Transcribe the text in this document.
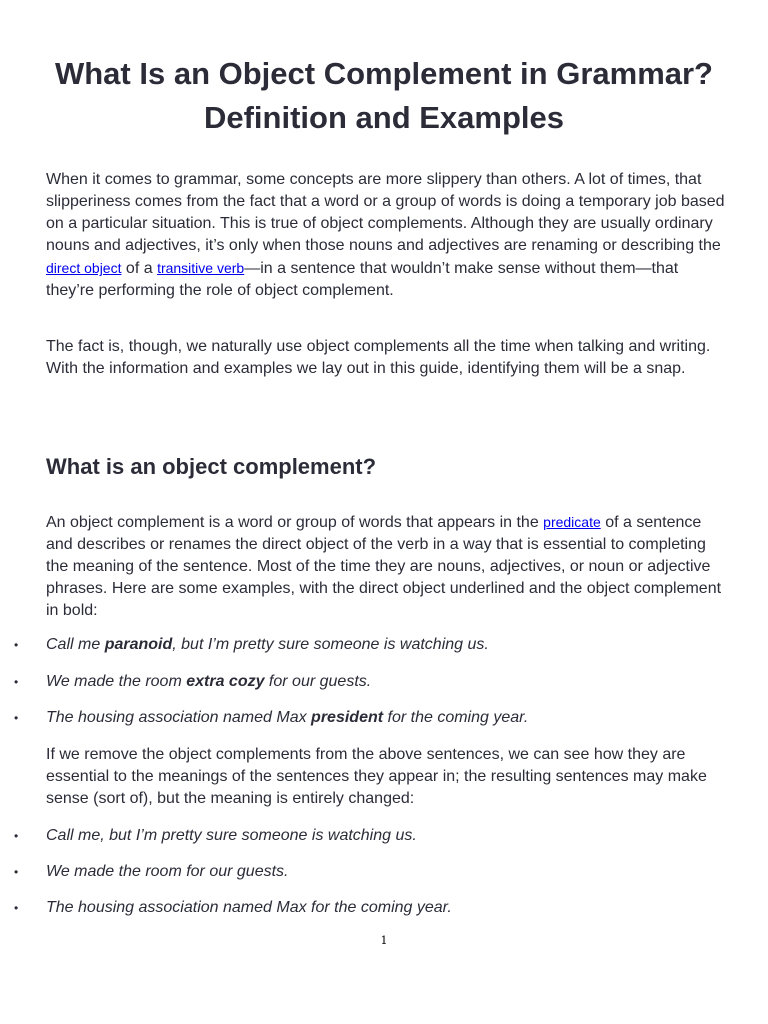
What Is an Object Complement in Grammar? Definition and Examples

When it comes to grammar, some concepts are more slippery than others. A lot of times, that slipperiness comes from the fact that a word or a group of words is doing a temporary job based on a particular situation. This is true of object complements. Although they are usually ordinary nouns and adjectives, it’s only when those nouns and adjectives are renaming or describing the direct object of a transitive verb—in a sentence that wouldn’t make sense without them—that they’re performing the role of object complement.

The fact is, though, we naturally use object complements all the time when talking and writing. With the information and examples we lay out in this guide, identifying them will be a snap.

What is an object complement?

An object complement is a word or group of words that appears in the predicate of a sentence and describes or renames the direct object of the verb in a way that is essential to completing the meaning of the sentence. Most of the time they are nouns, adjectives, or noun or adjective phrases. Here are some examples, with the direct object underlined and the object complement in bold:

• Call me paranoid, but I’m pretty sure someone is watching us.
• We made the room extra cozy for our guests.
• The housing association named Max president for the coming year.

If we remove the object complements from the above sentences, we can see how they are essential to the meanings of the sentences they appear in; the resulting sentences may make sense (sort of), but the meaning is entirely changed:

• Call me, but I’m pretty sure someone is watching us.
• We made the room for our guests.
• The housing association named Max for the coming year.
1
